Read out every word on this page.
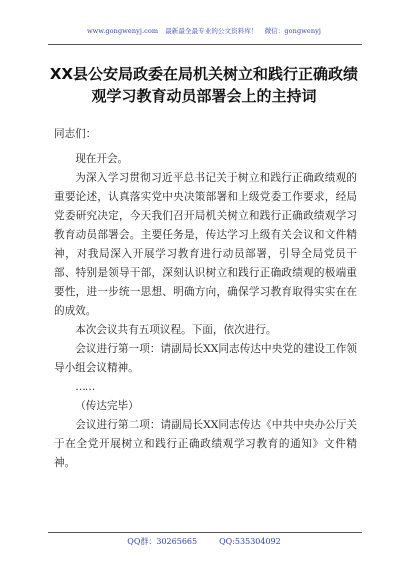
www.gongwenyj.com 最新最全最专业的公文资料库！ 微信：gongwenyj
XX县公安局政委在局机关树立和践行正确政绩观学习教育动员部署会上的主持词

同志们：

现在开会。

为深入学习贯彻习近平总书记关于树立和践行正确政绩观的重要论述，认真落实党中央决策部署和上级党委工作要求，经局党委研究决定，今天我们召开局机关树立和践行正确政绩观学习教育动员部署会。主要任务是，传达学习上级有关会议和文件精神，对我局深入开展学习教育进行动员部署，引导全局党员干部、特别是领导干部，深刻认识树立和践行正确政绩观的极端重要性，进一步统一思想、明确方向，确保学习教育取得实实在在的成效。

本次会议共有五项议程。下面，依次进行。

会议进行第一项：请副局长XX同志传达中央党的建设工作领导小组会议精神。

……

（传达完毕）

会议进行第二项：请副局长XX同志传达《中共中央办公厅关于在全党开展树立和践行正确政绩观学习教育的通知》文件精神。

QQ群：30265665	QQ:535304092
